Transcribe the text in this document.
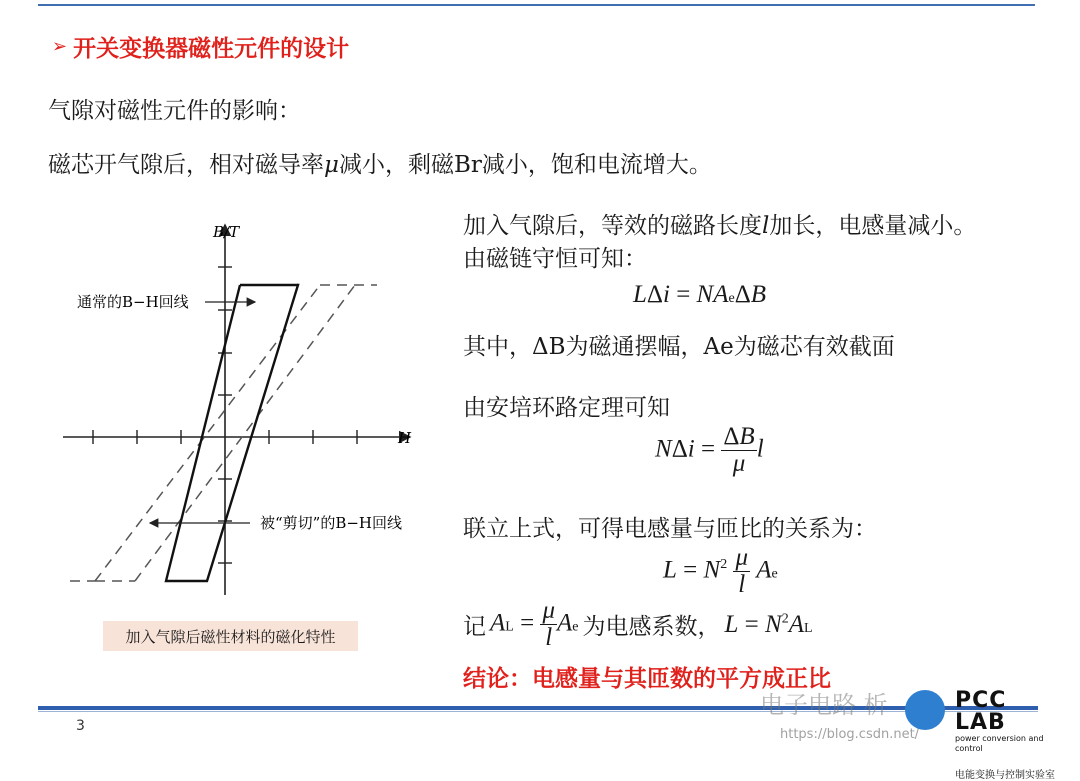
➢ 开关变换器磁性元件的设计
气隙对磁性元件的影响：
磁芯开气隙后，相对磁导率μ减小，剩磁Br减小，饱和电流增大。
B/T
H
通常的B−H回线
被“剪切”的B−H回线
加入气隙后磁性材料的磁化特性
加入气隙后，等效的磁路长度l加长，电感量减小。
由磁链守恒可知：
LΔi = NAeΔB
其中，ΔB为磁通摆幅，Ae为磁芯有效截面
由安培环路定理可知
$N\Delta i = \frac{\Delta B}{\mu}$ l
联立上式，可得电感量与匝比的关系为：
$L = N^2 \frac{\mu}{l}$ Ae
记 AL = $\frac{\mu}{l}$ Ae 为电感系数， $L = N^2AL$
结论：电感量与其匝数的平方成正比
3
电子电路 析
https://blog.csdn.net/
PCC LAB
power conversion and control
电能变换与控制实验室
